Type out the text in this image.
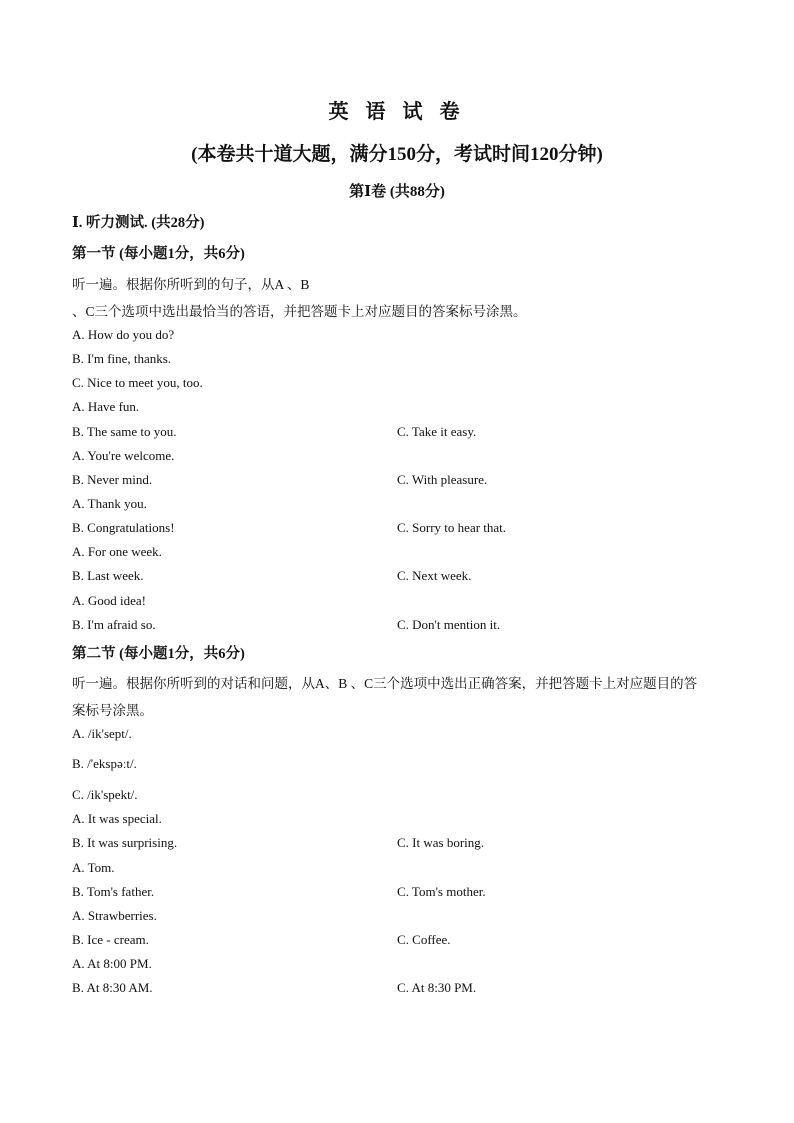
英 语 试 卷
(本卷共十道大题，满分150分，考试时间120分钟)
第Ⅰ卷 (共88分)
Ⅰ. 听力测试. (共28分)
第一节 (每小题1分，共6分)
听一遍。根据你所听到的句子，从A 、B
、C三个选项中选出最恰当的答语，并把答题卡上对应题目的答案标号涂黑。
A. How do you do?
B. I'm fine, thanks.
C. Nice to meet you, too.
A. Have fun.
B. The same to you.	C. Take it easy.
A. You're welcome.
B. Never mind.	C. With pleasure.
A. Thank you.
B. Congratulations!	C. Sorry to hear that.
A. For one week.
B. Last week.	C. Next week.
A. Good idea!
B. I'm afraid so.	C. Don't mention it.
第二节 (每小题1分，共6分)
听一遍。根据你所听到的对话和问题，从A、B 、C三个选项中选出正确答案，并把答题卡上对应题目的答
案标号涂黑。
A. /ik'sept/.
B. /'ekspəːt/.
C. /ik'spekt/.
A. It was special.
B. It was surprising.	C. It was boring.
A. Tom.
B. Tom's father.	C. Tom's mother.
A. Strawberries.
B. Ice - cream.	C. Coffee.
A. At 8:00 PM.
B. At 8:30 AM.	C. At 8:30 PM.
